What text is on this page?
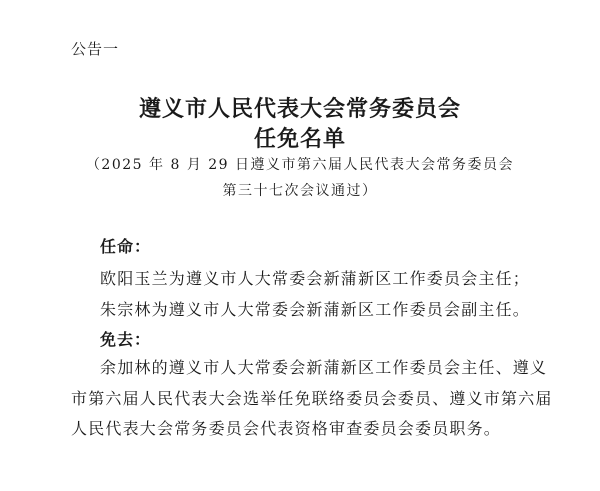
公告一
遵义市人民代表大会常务委员会
任免名单
（2025 年 8 月 29 日遵义市第六届人民代表大会常务委员会
第三十七次会议通过）
任命：
欧阳玉兰为遵义市人大常委会新蒲新区工作委员会主任；
朱宗林为遵义市人大常委会新蒲新区工作委员会副主任。
免去：
余加林的遵义市人大常委会新蒲新区工作委员会主任、遵义
市第六届人民代表大会选举任免联络委员会委员、遵义市第六届
人民代表大会常务委员会代表资格审查委员会委员职务。
